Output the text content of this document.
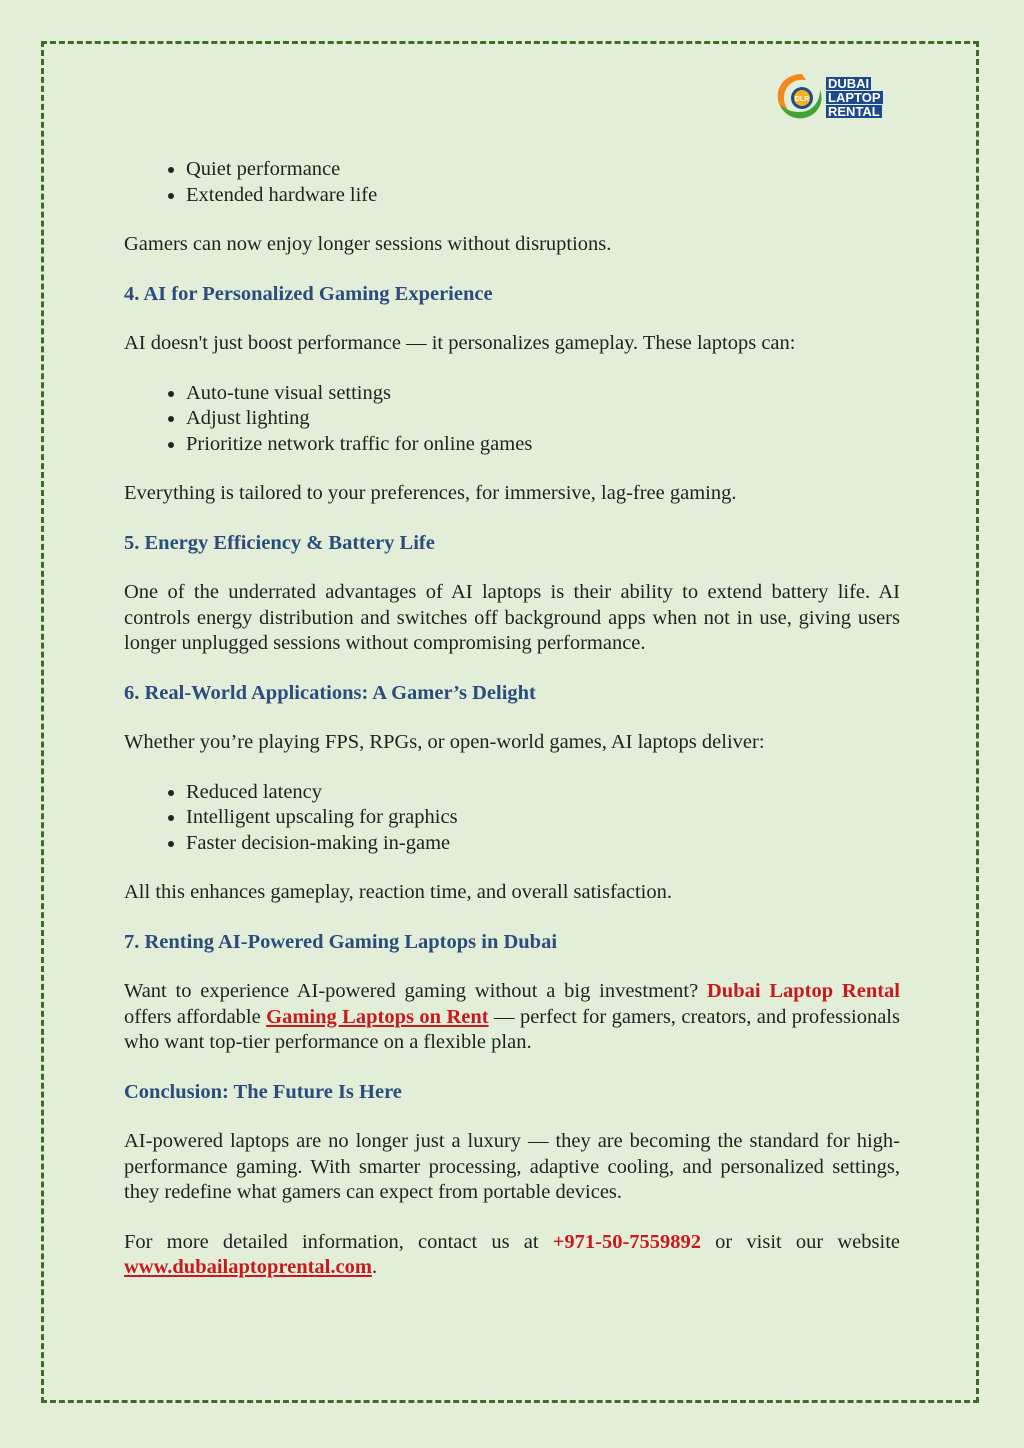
DLR
DUBAI
LAPTOP
RENTAL
• Quiet performance
• Extended hardware life

Gamers can now enjoy longer sessions without disruptions.

4. AI for Personalized Gaming Experience

AI doesn't just boost performance — it personalizes gameplay. These laptops can:

• Auto-tune visual settings
• Adjust lighting
• Prioritize network traffic for online games

Everything is tailored to your preferences, for immersive, lag-free gaming.

5. Energy Efficiency & Battery Life

One of the underrated advantages of AI laptops is their ability to extend battery life. AI controls energy distribution and switches off background apps when not in use, giving users longer unplugged sessions without compromising performance.

6. Real-World Applications: A Gamer’s Delight

Whether you’re playing FPS, RPGs, or open-world games, AI laptops deliver:

• Reduced latency
• Intelligent upscaling for graphics
• Faster decision-making in-game

All this enhances gameplay, reaction time, and overall satisfaction.

7. Renting AI-Powered Gaming Laptops in Dubai

Want to experience AI-powered gaming without a big investment? Dubai Laptop Rental offers affordable Gaming Laptops on Rent — perfect for gamers, creators, and professionals who want top-tier performance on a flexible plan.

Conclusion: The Future Is Here

AI-powered laptops are no longer just a luxury — they are becoming the standard for high-performance gaming. With smarter processing, adaptive cooling, and personalized settings, they redefine what gamers can expect from portable devices.

For more detailed information, contact us at +971-50-7559892 or visit our website www.dubailaptoprental.com.
